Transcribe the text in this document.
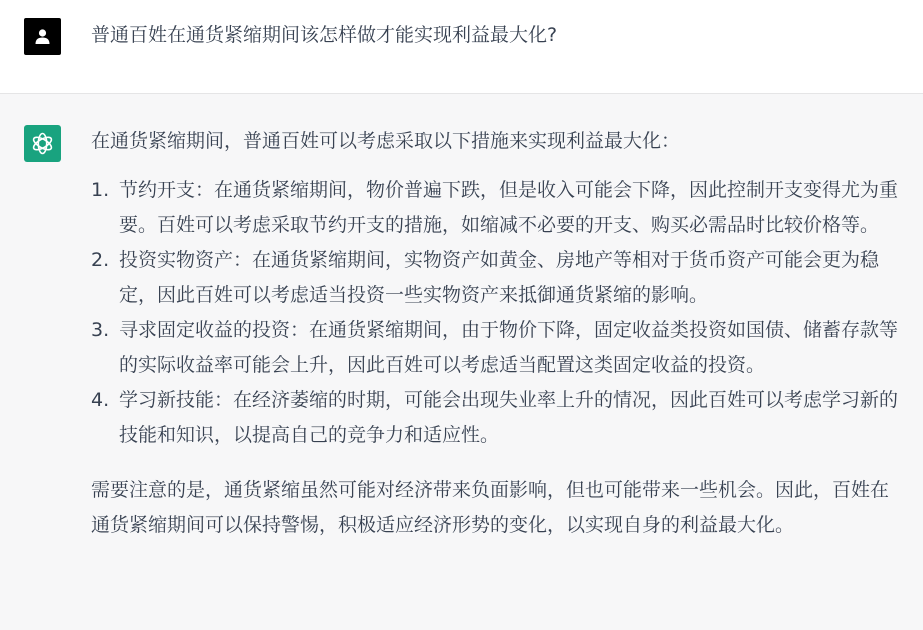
普通百姓在通货紧缩期间该怎样做才能实现利益最大化?

在通货紧缩期间，普通百姓可以考虑采取以下措施来实现利益最大化：

1. 节约开支：在通货紧缩期间，物价普遍下跌，但是收入可能会下降，因此控制开支变得尤为重要。百姓可以考虑采取节约开支的措施，如缩减不必要的开支、购买必需品时比较价格等。
2. 投资实物资产：在通货紧缩期间，实物资产如黄金、房地产等相对于货币资产可能会更为稳定，因此百姓可以考虑适当投资一些实物资产来抵御通货紧缩的影响。
3. 寻求固定收益的投资：在通货紧缩期间，由于物价下降，固定收益类投资如国债、储蓄存款等的实际收益率可能会上升，因此百姓可以考虑适当配置这类固定收益的投资。
4. 学习新技能：在经济萎缩的时期，可能会出现失业率上升的情况，因此百姓可以考虑学习新的技能和知识，以提高自己的竞争力和适应性。

需要注意的是，通货紧缩虽然可能对经济带来负面影响，但也可能带来一些机会。因此，百姓在通货紧缩期间可以保持警惕，积极适应经济形势的变化，以实现自身的利益最大化。
